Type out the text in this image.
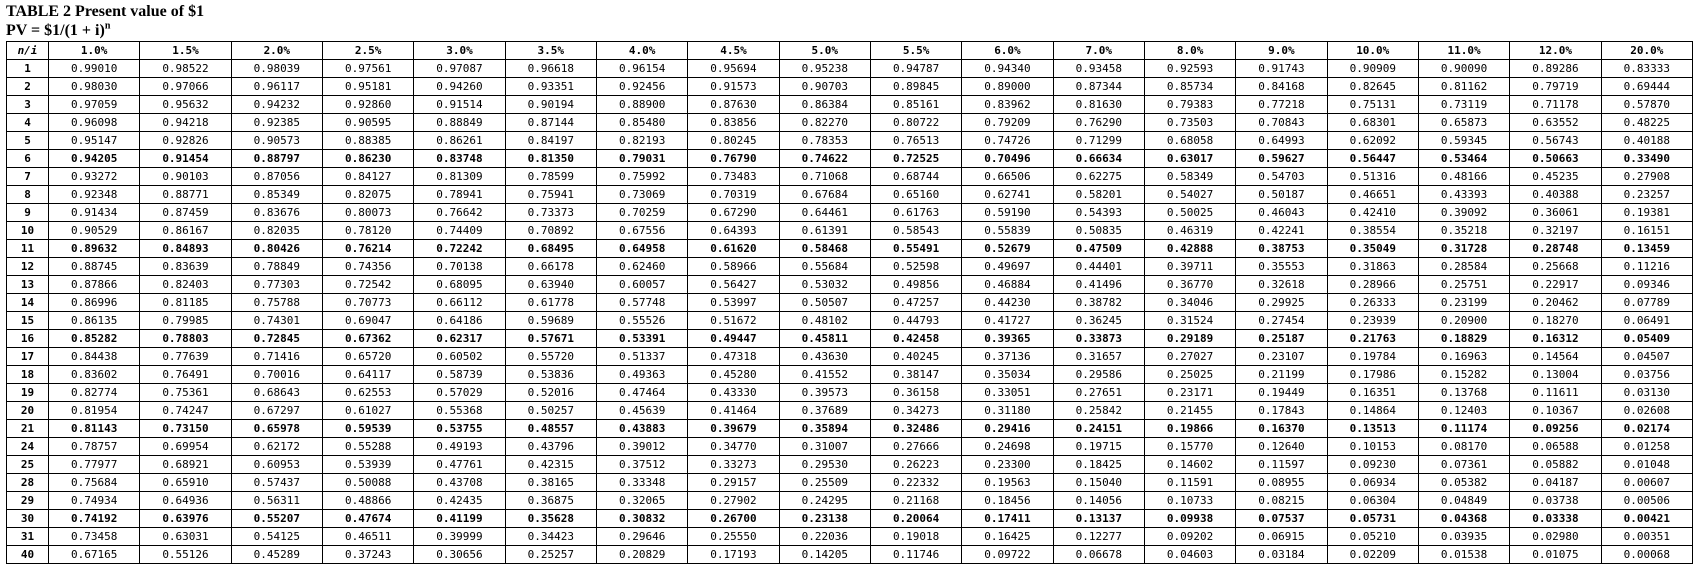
TABLE 2 Present value of $1
PV = $1/(1 + i)$^n$
n/i	1.0%	1.5%	2.0%	2.5%	3.0%	3.5%	4.0%	4.5%	5.0%	5.5%	6.0%	7.0%	8.0%	9.0%	10.0%	11.0%	12.0%	20.0%
1	0.99010	0.98522	0.98039	0.97561	0.97087	0.96618	0.96154	0.95694	0.95238	0.94787	0.94340	0.93458	0.92593	0.91743	0.90909	0.90090	0.89286	0.83333
2	0.98030	0.97066	0.96117	0.95181	0.94260	0.93351	0.92456	0.91573	0.90703	0.89845	0.89000	0.87344	0.85734	0.84168	0.82645	0.81162	0.79719	0.69444
3	0.97059	0.95632	0.94232	0.92860	0.91514	0.90194	0.88900	0.87630	0.86384	0.85161	0.83962	0.81630	0.79383	0.77218	0.75131	0.73119	0.71178	0.57870
4	0.96098	0.94218	0.92385	0.90595	0.88849	0.87144	0.85480	0.83856	0.82270	0.80722	0.79209	0.76290	0.73503	0.70843	0.68301	0.65873	0.63552	0.48225
5	0.95147	0.92826	0.90573	0.88385	0.86261	0.84197	0.82193	0.80245	0.78353	0.76513	0.74726	0.71299	0.68058	0.64993	0.62092	0.59345	0.56743	0.40188
6	0.94205	0.91454	0.88797	0.86230	0.83748	0.81350	0.79031	0.76790	0.74622	0.72525	0.70496	0.66634	0.63017	0.59627	0.56447	0.53464	0.50663	0.33490
7	0.93272	0.90103	0.87056	0.84127	0.81309	0.78599	0.75992	0.73483	0.71068	0.68744	0.66506	0.62275	0.58349	0.54703	0.51316	0.48166	0.45235	0.27908
8	0.92348	0.88771	0.85349	0.82075	0.78941	0.75941	0.73069	0.70319	0.67684	0.65160	0.62741	0.58201	0.54027	0.50187	0.46651	0.43393	0.40388	0.23257
9	0.91434	0.87459	0.83676	0.80073	0.76642	0.73373	0.70259	0.67290	0.64461	0.61763	0.59190	0.54393	0.50025	0.46043	0.42410	0.39092	0.36061	0.19381
10	0.90529	0.86167	0.82035	0.78120	0.74409	0.70892	0.67556	0.64393	0.61391	0.58543	0.55839	0.50835	0.46319	0.42241	0.38554	0.35218	0.32197	0.16151
11	0.89632	0.84893	0.80426	0.76214	0.72242	0.68495	0.64958	0.61620	0.58468	0.55491	0.52679	0.47509	0.42888	0.38753	0.35049	0.31728	0.28748	0.13459
12	0.88745	0.83639	0.78849	0.74356	0.70138	0.66178	0.62460	0.58966	0.55684	0.52598	0.49697	0.44401	0.39711	0.35553	0.31863	0.28584	0.25668	0.11216
13	0.87866	0.82403	0.77303	0.72542	0.68095	0.63940	0.60057	0.56427	0.53032	0.49856	0.46884	0.41496	0.36770	0.32618	0.28966	0.25751	0.22917	0.09346
14	0.86996	0.81185	0.75788	0.70773	0.66112	0.61778	0.57748	0.53997	0.50507	0.47257	0.44230	0.38782	0.34046	0.29925	0.26333	0.23199	0.20462	0.07789
15	0.86135	0.79985	0.74301	0.69047	0.64186	0.59689	0.55526	0.51672	0.48102	0.44793	0.41727	0.36245	0.31524	0.27454	0.23939	0.20900	0.18270	0.06491
16	0.85282	0.78803	0.72845	0.67362	0.62317	0.57671	0.53391	0.49447	0.45811	0.42458	0.39365	0.33873	0.29189	0.25187	0.21763	0.18829	0.16312	0.05409
17	0.84438	0.77639	0.71416	0.65720	0.60502	0.55720	0.51337	0.47318	0.43630	0.40245	0.37136	0.31657	0.27027	0.23107	0.19784	0.16963	0.14564	0.04507
18	0.83602	0.76491	0.70016	0.64117	0.58739	0.53836	0.49363	0.45280	0.41552	0.38147	0.35034	0.29586	0.25025	0.21199	0.17986	0.15282	0.13004	0.03756
19	0.82774	0.75361	0.68643	0.62553	0.57029	0.52016	0.47464	0.43330	0.39573	0.36158	0.33051	0.27651	0.23171	0.19449	0.16351	0.13768	0.11611	0.03130
20	0.81954	0.74247	0.67297	0.61027	0.55368	0.50257	0.45639	0.41464	0.37689	0.34273	0.31180	0.25842	0.21455	0.17843	0.14864	0.12403	0.10367	0.02608
21	0.81143	0.73150	0.65978	0.59539	0.53755	0.48557	0.43883	0.39679	0.35894	0.32486	0.29416	0.24151	0.19866	0.16370	0.13513	0.11174	0.09256	0.02174
24	0.78757	0.69954	0.62172	0.55288	0.49193	0.43796	0.39012	0.34770	0.31007	0.27666	0.24698	0.19715	0.15770	0.12640	0.10153	0.08170	0.06588	0.01258
25	0.77977	0.68921	0.60953	0.53939	0.47761	0.42315	0.37512	0.33273	0.29530	0.26223	0.23300	0.18425	0.14602	0.11597	0.09230	0.07361	0.05882	0.01048
28	0.75684	0.65910	0.57437	0.50088	0.43708	0.38165	0.33348	0.29157	0.25509	0.22332	0.19563	0.15040	0.11591	0.08955	0.06934	0.05382	0.04187	0.00607
29	0.74934	0.64936	0.56311	0.48866	0.42435	0.36875	0.32065	0.27902	0.24295	0.21168	0.18456	0.14056	0.10733	0.08215	0.06304	0.04849	0.03738	0.00506
30	0.74192	0.63976	0.55207	0.47674	0.41199	0.35628	0.30832	0.26700	0.23138	0.20064	0.17411	0.13137	0.09938	0.07537	0.05731	0.04368	0.03338	0.00421
31	0.73458	0.63031	0.54125	0.46511	0.39999	0.34423	0.29646	0.25550	0.22036	0.19018	0.16425	0.12277	0.09202	0.06915	0.05210	0.03935	0.02980	0.00351
40	0.67165	0.55126	0.45289	0.37243	0.30656	0.25257	0.20829	0.17193	0.14205	0.11746	0.09722	0.06678	0.04603	0.03184	0.02209	0.01538	0.01075	0.00068
